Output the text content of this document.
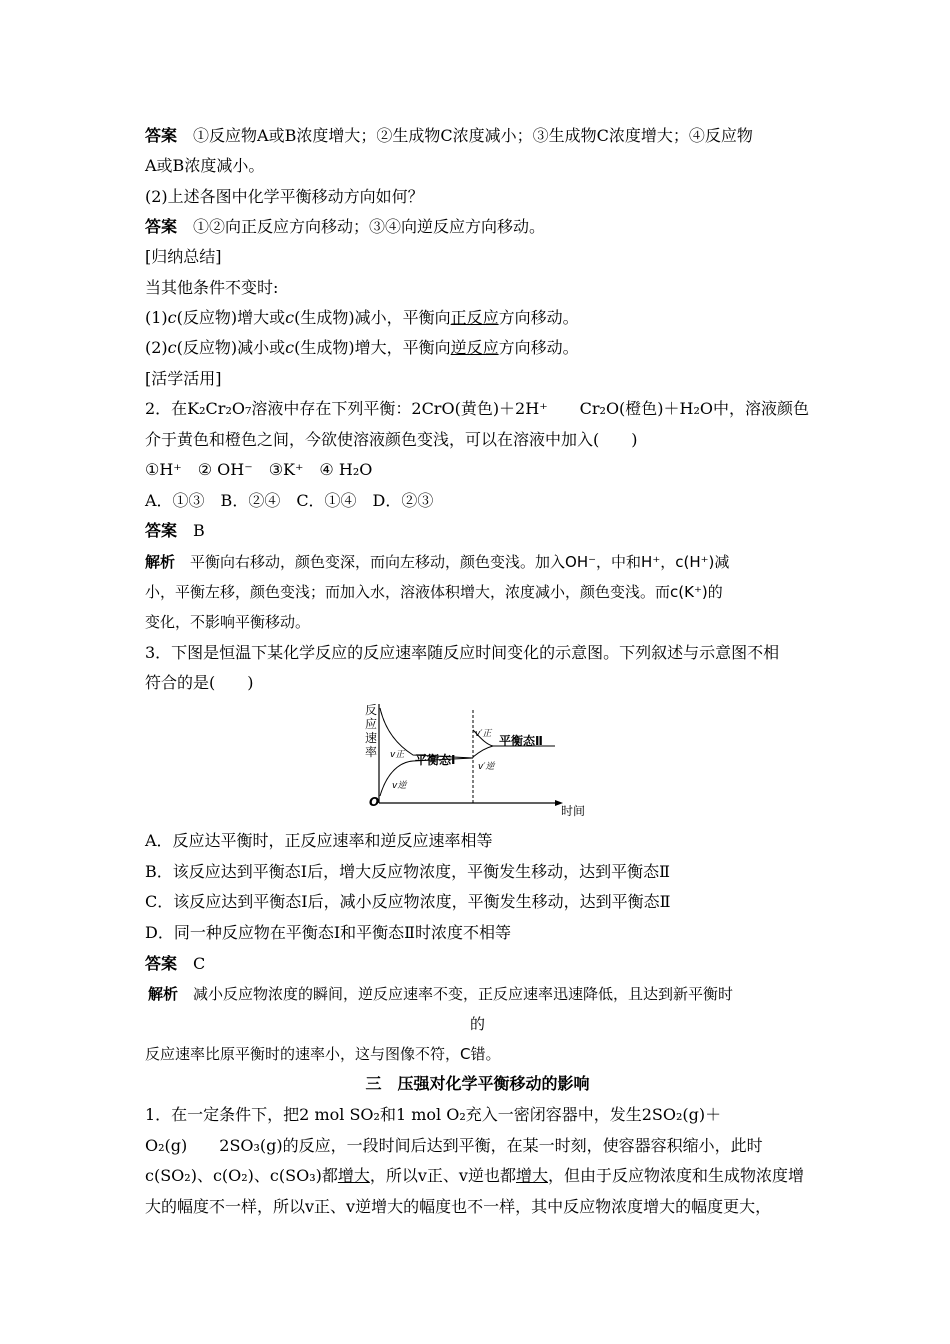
答案　 ①反应物A或B浓度增大；②生成物C浓度减小；③生成物C浓度增大；④反应物
A或B浓度减小。
(2)上述各图中化学平衡移动方向如何？
答案　 ①②向正反应方向移动；③④向逆反应方向移动。
[归纳总结]
当其他条件不变时:
(1)c(反应物)增大或c(生成物)减小，平衡向正反应方向移动。
(2)c(反应物)减小或c(生成物)增大，平衡向逆反应方向移动。
[活学活用]
2．在K₂Cr₂O₇溶液中存在下列平衡：2CrO(黄色)＋2H⁺　　Cr₂O(橙色)＋H₂O中，溶液颜色
介于黄色和橙色之间，今欲使溶液颜色变浅，可以在溶液中加入(　　)
①H⁺　② OH⁻　③K⁺　④ H₂O
A．①③　B．②④　C．①④　D．②③
答案　 B
解析　 平衡向右移动，颜色变深，而向左移动，颜色变浅。加入OH⁻，中和H⁺，c(H⁺)减
小，平衡左移，颜色变浅；而加入水，溶液体积增大，浓度减小，颜色变浅。而c(K⁺)的
变化，不影响平衡移动。
3．下图是恒温下某化学反应的反应速率随反应时间变化的示意图。下列叙述与示意图不相
符合的是(　　)
反
应
速
率
O
时间
v正
v逆
平衡态Ⅰ
v′正
v′逆
平衡态Ⅱ
A．反应达平衡时，正反应速率和逆反应速率相等
B．该反应达到平衡态Ⅰ后，增大反应物浓度，平衡发生移动，达到平衡态Ⅱ
C．该反应达到平衡态Ⅰ后，减小反应物浓度，平衡发生移动，达到平衡态Ⅱ
D．同一种反应物在平衡态Ⅰ和平衡态Ⅱ时浓度不相等
答案　 C
解析　 减小反应物浓度的瞬间，逆反应速率不变，正反应速率迅速降低，且达到新平衡时
的
反应速率比原平衡时的速率小，这与图像不符，C错。
三　压强对化学平衡移动的影响
1．在一定条件下，把2 mol SO₂和1 mol O₂充入一密闭容器中，发生2SO₂(g)＋
O₂(g)　　2SO₃(g)的反应，一段时间后达到平衡，在某一时刻，使容器容积缩小，此时
c(SO₂)、c(O₂)、c(SO₃)都增大，所以v正、v逆也都增大，但由于反应物浓度和生成物浓度增
大的幅度不一样，所以v正、v逆增大的幅度也不一样，其中反应物浓度增大的幅度更大，
